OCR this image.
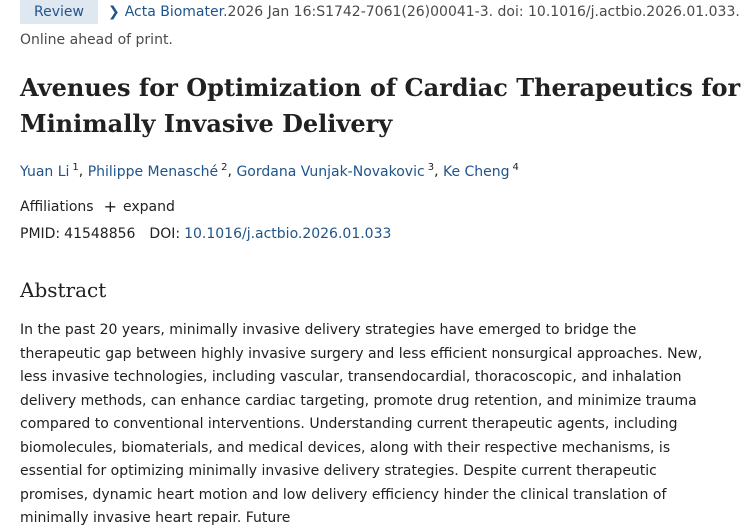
Review	❯ Acta Biomater. 2026 Jan 16:S1742-7061(26)00041-3. doi: 10.1016/j.actbio.2026.01.033.
Online ahead of print.
Avenues for Optimization of Cardiac Therapeutics for Minimally Invasive Delivery
Yuan Li $^1$, Philippe Menasché $^2$, Gordana Vunjak-Novakovic $^3$, Ke Cheng $^4$
Affiliations + expand
PMID: 41548856 DOI: 10.1016/j.actbio.2026.01.033
Abstract

In the past 20 years, minimally invasive delivery strategies have emerged to bridge the therapeutic gap between highly invasive surgery and less efficient nonsurgical approaches. New, less invasive technologies, including vascular, transendocardial, thoracoscopic, and inhalation delivery methods, can enhance cardiac targeting, promote drug retention, and minimize trauma compared to conventional interventions. Understanding current therapeutic agents, including biomolecules, biomaterials, and medical devices, along with their respective mechanisms, is essential for optimizing minimally invasive delivery strategies. Despite current therapeutic promises, dynamic heart motion and low delivery efficiency hinder the clinical translation of minimally invasive heart repair. Future
